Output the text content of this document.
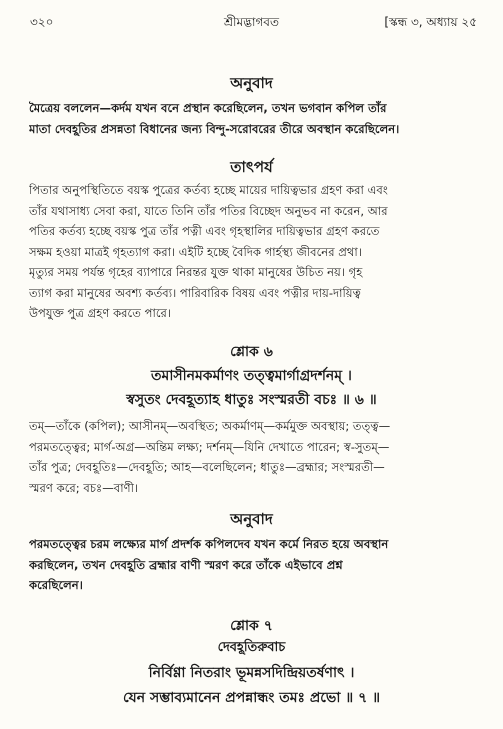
৩২০	শ্রীমদ্ভাগবত	[স্কন্ধ ৩, অধ্যায় ২৫
অনুবাদ
মৈত্রেয় বললেন—কর্দম যখন বনে প্রস্থান করেছিলেন, তখন ভগবান কপিল তাঁর
মাতা দেবহূতির প্রসন্নতা বিধানের জন্য বিন্দু-সরোবরের তীরে অবস্থান করেছিলেন।
তাৎপর্য
পিতার অনুপস্থিতিতে বয়স্ক পুত্রের কর্তব্য হচ্ছে মায়ের দায়িত্বভার গ্রহণ করা এবং
তাঁর যথাসাধ্য সেবা করা, যাতে তিনি তাঁর পতির বিচ্ছেদ অনুভব না করেন, আর
পতির কর্তব্য হচ্ছে বয়স্ক পুত্র তাঁর পত্নী এবং গৃহস্থালির দায়িত্বভার গ্রহণ করতে
সক্ষম হওয়া মাত্রই গৃহত্যাগ করা। এইটি হচ্ছে বৈদিক গার্হস্থ্য জীবনের প্রথা।
মৃত্যুর সময় পর্যন্ত গৃহের ব্যাপারে নিরন্তর যুক্ত থাকা মানুষের উচিত নয়। গৃহ
ত্যাগ করা মানুষের অবশ্য কর্তব্য। পারিবারিক বিষয় এবং পত্নীর দায়-দায়িত্ব
উপযুক্ত পুত্র গ্রহণ করতে পারে।
শ্লোক ৬
তমাসীনমকর্মাণং তত্ত্বমার্গাগ্রদর্শনম্ ।
স্বসুতং দেবহূত্যাহ ধাতুঃ সংস্মরতী বচঃ ॥ ৬ ॥
তম্—তাঁকে (কপিল); আসীনম্—অবস্থিত; অকর্মাণম্—কর্মমুক্ত অবস্থায়; তত্ত্ব—
পরমতত্ত্বের; মার্গ-অগ্র—অন্তিম লক্ষ্য; দর্শনম্—যিনি দেখাতে পারেন; স্ব-সুতম্—
তাঁর পুত্র; দেবহূতিঃ—দেবহূতি; আহ—বলেছিলেন; ধাতুঃ—ব্রহ্মার; সংস্মরতী—
স্মরণ করে; বচঃ—বাণী।
অনুবাদ
পরমতত্ত্বের চরম লক্ষ্যের মার্গ প্রদর্শক কপিলদেব যখন কর্মে নিরত হয়ে অবস্থান
করছিলেন, তখন দেবহূতি ব্রহ্মার বাণী স্মরণ করে তাঁকে এইভাবে প্রশ্ন
করেছিলেন।
শ্লোক ৭
দেবহূতিরুবাচ
নির্বিণ্ণা নিতরাং ভূমন্নসদিন্দ্রিয়তর্ষণাৎ ।
যেন সম্ভাব্যমানেন প্রপন্নান্ধং তমঃ প্রভো ॥ ৭ ॥
